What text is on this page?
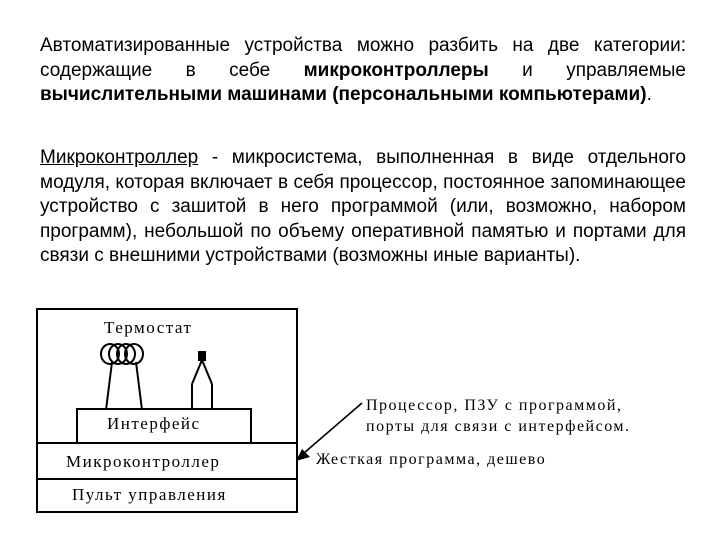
Автоматизированные устройства можно разбить на две категории: содержащие в себе микроконтроллеры и управляемые вычислительными машинами (персональными компьютерами).

Микроконтроллер - микросистема, выполненная в виде отдельного модуля, которая включает в себя процессор, постоянное запоминающее устройство с зашитой в него программой (или, возможно, набором программ), небольшой по объему оперативной памятью и портами для связи с внешними устройствами (возможны иные варианты).

Термостат
Интерфейс
Микроконтроллер
Пульт управления
Процессор, ПЗУ с программой,
порты для связи с интерфейсом.
Жесткая программа, дешево
